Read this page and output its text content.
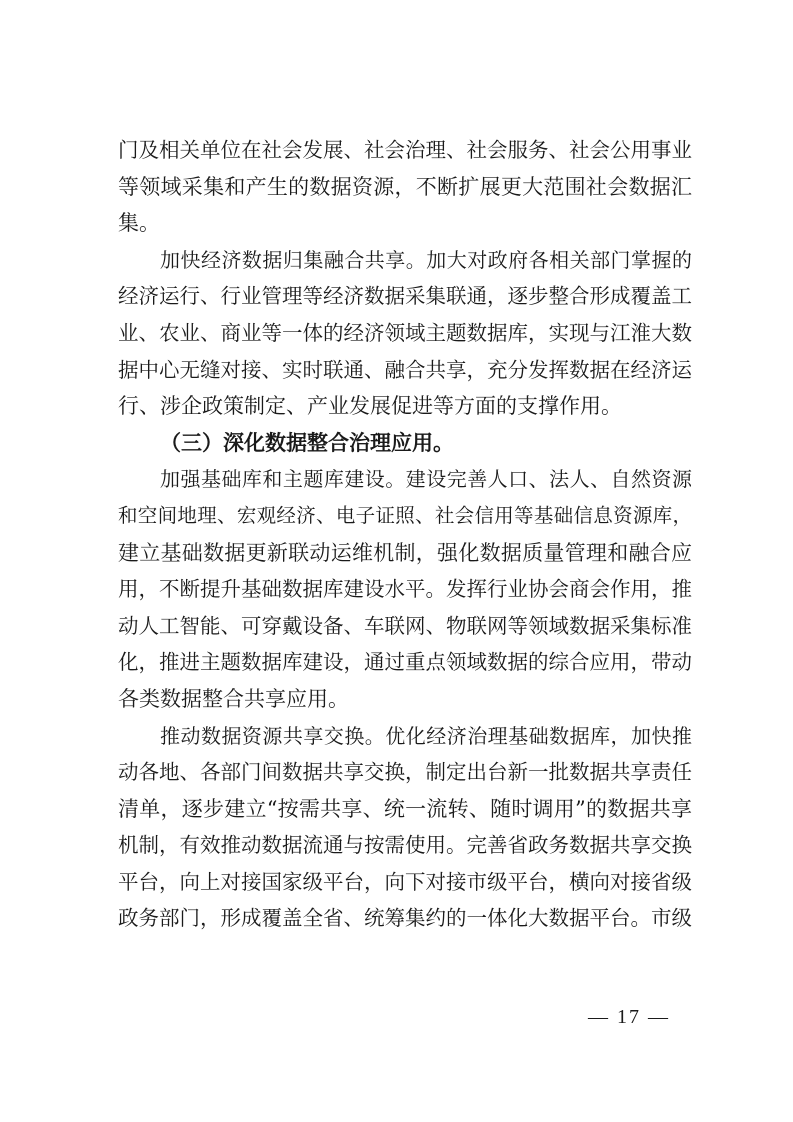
门及相关单位在社会发展、社会治理、社会服务、社会公用事业
等领域采集和产生的数据资源，不断扩展更大范围社会数据汇
集。
加快经济数据归集融合共享。加大对政府各相关部门掌握的
经济运行、行业管理等经济数据采集联通，逐步整合形成覆盖工
业、农业、商业等一体的经济领域主题数据库，实现与江淮大数
据中心无缝对接、实时联通、融合共享，充分发挥数据在经济运
行、涉企政策制定、产业发展促进等方面的支撑作用。
（三）深化数据整合治理应用。
加强基础库和主题库建设。建设完善人口、法人、自然资源
和空间地理、宏观经济、电子证照、社会信用等基础信息资源库，
建立基础数据更新联动运维机制，强化数据质量管理和融合应
用，不断提升基础数据库建设水平。发挥行业协会商会作用，推
动人工智能、可穿戴设备、车联网、物联网等领域数据采集标准
化，推进主题数据库建设，通过重点领域数据的综合应用，带动
各类数据整合共享应用。
推动数据资源共享交换。优化经济治理基础数据库，加快推
动各地、各部门间数据共享交换，制定出台新一批数据共享责任
清单，逐步建立“按需共享、统一流转、随时调用”的数据共享
机制，有效推动数据流通与按需使用。完善省政务数据共享交换
平台，向上对接国家级平台，向下对接市级平台，横向对接省级
政务部门，形成覆盖全省、统筹集约的一体化大数据平台。市级
— 17 —
